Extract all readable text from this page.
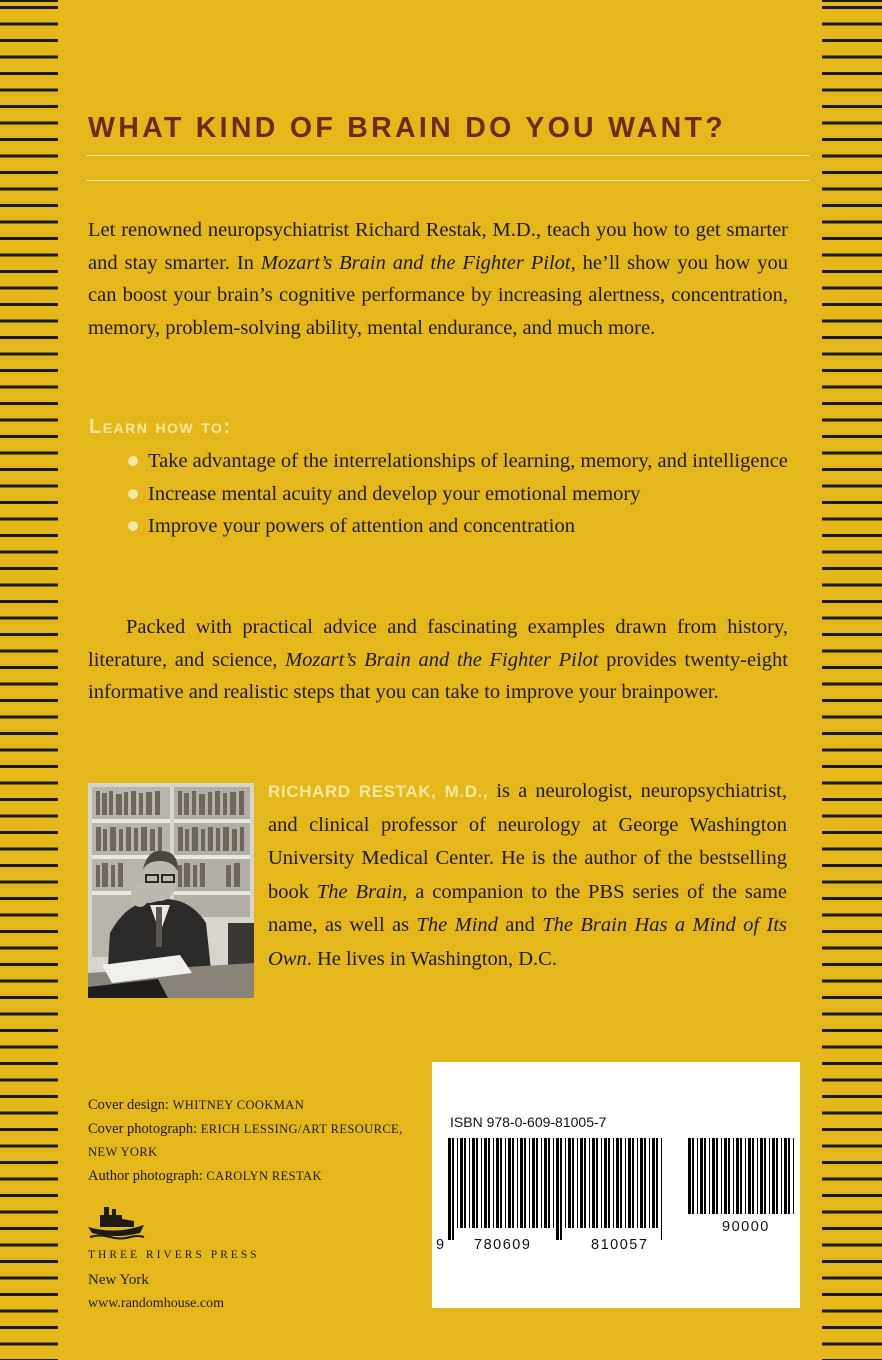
WHAT KIND OF BRAIN DO YOU WANT?

Let renowned neuropsychiatrist Richard Restak, M.D., teach you how to get smarter and stay smarter. In Mozart’s Brain and the Fighter Pilot, he’ll show you how you can boost your brain’s cognitive performance by increasing alertness, concentration, memory, problem-solving ability, mental endurance, and much more.

Learn how to:

Take advantage of the interrelationships of learning, memory, and intelligence
Increase mental acuity and develop your emotional memory
Improve your powers of attention and concentration

Packed with practical advice and fascinating examples drawn from history, literature, and science, Mozart’s Brain and the Fighter Pilot provides twenty-eight informative and realistic steps that you can take to improve your brainpower.

RICHARD RESTAK, M.D., is a neurologist, neuropsychiatrist, and clinical professor of neurology at George Washington University Medical Center. He is the author of the bestselling book The Brain, a companion to the PBS series of the same name, as well as The Mind and The Brain Has a Mind of Its Own. He lives in Washington, D.C.

Cover design: WHITNEY COOKMAN
Cover photograph: ERICH LESSING/ART RESOURCE, NEW YORK
Author photograph: CAROLYN RESTAK

THREE RIVERS PRESS

New York

www.randomhouse.com

ISBN 978-0-609-81005-7

9 780609	810057

90000
